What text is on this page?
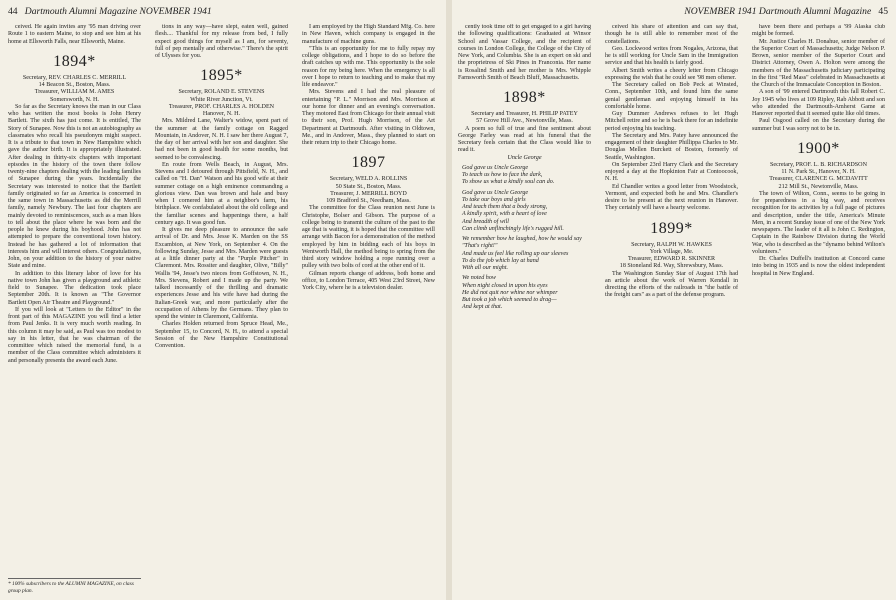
44 Dartmouth Alumni Magazine NOVEMBER 1941

ceived. He again invites any '95 man driving over Route 1 to eastern Maine, to stop and see him at his home at Ellsworth Falls, near Ellsworth, Maine.

1894*

Secretary, REV. CHARLES C. MERRILL

14 Beacon St., Boston, Mass.

Treasurer, WILLIAM M. AMES

Somersworth, N. H.

So far as the Secretary knows the man in our Class who has written the most books is John Henry Bartlett. The sixth has just come. It is entitled, The Story of Sunapee. Now this is not an autobiography as classmates who recall his pseudonym might suspect. It is a tribute to that town in New Hampshire which gave the author birth. It is appropriately illustrated. After dealing in thirty-six chapters with important episodes in the history of the town there follow twenty-nine chapters dealing with the leading families of Sunapee during the years. Incidentally the Secretary was interested to notice that the Bartlett family originated so far as America is concerned in the same town in Massachusetts as did the Merrill family, namely Newbury. The last four chapters are mainly devoted to reminiscences, such as a man likes to tell about the place where he was born and the people he knew during his boyhood. John has not attempted to prepare the conventional town history. Instead he has gathered a lot of information that interests him and will interest others. Congratulations, John, on your addition to the history of your native State and mine.

In addition to this literary labor of love for his native town John has given a playground and athletic field to Sunapee. The dedication took place September 20th. It is known as "The Governor Bartlett Open Air Theatre and Playground."

If you will look at "Letters to the Editor" in the front part of this MAGAZINE you will find a letter from Paul Jenks. It is very much worth reading. In this column it may be said, as Paul was too modest to say in his letter, that he was chairman of the committee which raised the memorial fund, is a member of the Class committee which administers it and personally presents the award each June.

tions in any way—have slept, eaten well, gained flesh.... Thankful for my release from bed, I fully expect good things for myself as I am, for seventy, full of pep mentally and otherwise." There's the spirit of Ulysses for you.

1895*

Secretary, ROLAND E. STEVENS

White River Junction, Vt.

Treasurer, PROF. CHARLES A. HOLDEN

Hanover, N. H.

Mrs. Mildred Lane, Walter's widow, spent part of the summer at the family cottage on Ragged Mountain, in Andover, N. H. I saw her there August 7, the day of her arrival with her son and daughter. She had not been in good health for some months, but seemed to be convalescing.

En route from Wells Beach, in August, Mrs. Stevens and I detoured through Pittsfield, N. H., and called on "H. Dan" Watson and his good wife at their summer cottage on a high eminence commanding a glorious view. Dan was brown and hale and busy when I cornered him at a neighbor's farm, his birthplace. We confabulated about the old college and the familiar scenes and happenings there, a half century ago. It was good fun.

It gives me deep pleasure to announce the safe arrival of Dr. and Mrs. Jesse K. Marden on the SS Excambion, at New York, on September 4. On the following Sunday, Jesse and Mrs. Marden were guests at a little dinner party at the "Purple Pitcher" in Claremont. Mrs. Rossiter and daughter, Olive, "Billy" Wallis '94, Jesse's two nieces from Goffstown, N. H., Mrs. Stevens, Robert and I made up the party. We talked incessantly of the thrilling and dramatic experiences Jesse and his wife have had during the Italian-Greek war, and more particularly after the occupation of Athens by the Germans. They plan to spend the winter in Claremont, California.

Charles Holden returned from Spruce Head, Me., September 15, to Concord, N. H., to attend a special Session of the New Hampshire Constitutional Convention.

I am employed by the High Standard Mfg. Co. here in New Haven, which company is engaged in the manufacture of machine guns.

"This is an opportunity for me to fully repay my college obligations, and I hope to do so before the draft catches up with me. This opportunity is the sole reason for my being here. When the emergency is all over I hope to return to teaching and to make that my life endeavor."

Mrs. Stevens and I had the real pleasure of entertaining "P. L." Morrison and Mrs. Morrison at our home for dinner and an evening's conversation. They motored East from Chicago for their annual visit to their son, Prof. Hugh Morrison, of the Art Department at Dartmouth. After visiting in Oldtown, Me., and in Andover, Mass., they planned to start on their return trip to their Chicago home.

1897

Secretary, WELD A. ROLLINS

50 State St., Boston, Mass.

Treasurer, J. MERRILL BOYD

109 Bradford St., Needham, Mass.

The committee for the Class reunion next June is Christophe, Bolser and Gibson. The purpose of a college being to transmit the culture of the past to the age that is waiting, it is hoped that the committee will arrange with Bacon for a demonstration of the method employed by him in bidding each of his boys in Wentworth Hall, the method being to spring from the third story window holding a rope running over a pulley with two bolts of cord at the other end of it.

Gilman reports change of address, both home and office, to London Terrace, 405 West 23rd Street, New York City, where he is a television dealer.

* 100% subscribers to the ALUMNI MAGAZINE, on class group plan.
NOVEMBER 1941 Dartmouth Alumni Magazine 45

cently took time off to get engaged to a girl having the following qualifications: Graduated at Winsor School and Vassar College, and the recipient of courses in London College, the College of the City of New York, and Columbia. She is an expert on ski and the proprietress of Ski Pines in Franconia. Her name is Rosalind Smith and her mother is Mrs. Whipple Farnsworth Smith of Beach Bluff, Massachusetts.

1898*

Secretary and Treasurer, H. PHILIP PATEY

57 Grove Hill Ave., Newtonville, Mass.

A poem so full of true and fine sentiment about George Farley was read at his funeral that the Secretary feels certain that the Class would like to read it.

Uncle George

God gave us Uncle George
To teach us how to face the dark,
To show us what a kindly soul can do.

God gave us Uncle George
To take our boys and girls
And teach them that a body strong,
A kindly spirit, with a heart of love
And breadth of will
Can climb unflinchingly life's rugged hill.

We remember how he laughed, how he would say
"That's right!"
And made us feel like rolling up our sleeves
To do the job which lay at hand
With all our might.

We noted how
When night closed in upon his eyes
He did not quit nor whine nor whimper
But took a job which seemed to drag—
And kept at that.

ceived his share of attention and can say that, though he is still able to remember most of the constellations.

Geo. Lockwood writes from Nogales, Arizona, that he is still working for Uncle Sam in the Immigration service and that his health is fairly good.

Albert Smith writes a cheery letter from Chicago expressing the wish that he could see '98 men oftener.

The Secretary called on Bob Peck at Winsted, Conn., September 10th, and found him the same genial gentleman and enjoying himself in his comfortable home.

Guy Dummer Andrews refuses to let Hugh Mitchell retire and so he is back there for an indefinite period enjoying his teaching.

The Secretary and Mrs. Patey have announced the engagement of their daughter Phillippa Charles to Mr. Douglas Mellen Burckett of Boston, formerly of Seattle, Washington.

On September 23rd Harry Clark and the Secretary enjoyed a day at the Hopkinton Fair at Contoocook, N. H.

Ed Chandler writes a good letter from Woodstock, Vermont, and expected both he and Mrs. Chandler's desire to be present at the next reunion in Hanover. They certainly will have a hearty welcome.

1899*

Secretary, RALPH W. HAWKES

York Village, Me.

Treasurer, EDWARD R. SKINNER

18 Stoneland Rd. Way, Shrewsbury, Mass.

The Washington Sunday Star of August 17th had an article about the work of Warren Kendall in directing the efforts of the railroads in "the battle of the freight cars" as a part of the defense program.

have been there and perhaps a '99 Alaska club might be formed.

Mr. Justice Charles H. Donahue, senior member of the Superior Court of Massachusetts; Judge Nelson P. Brown, senior member of the Superior Court and District Attorney, Owen A. Holton were among the members of the Massachusetts judiciary participating in the first "Red Mass" celebrated in Massachusetts at the Church of the Immaculate Conception in Boston.

A son of '99 entered Dartmouth this fall Robert C. Joy 1945 who lives at 109 Ripley, Rab Abbott and son who attended the Dartmouth-Amherst Game at Hanover reported that it seemed quite like old times.

Paul Osgood called on the Secretary during the summer but I was sorry not to be in.

1900*

Secretary, PROF. L. B. RICHARDSON

11 N. Park St., Hanover, N. H.

Treasurer, CLARENCE G. MCDAVITT

212 Mill St., Newtonville, Mass.

The town of Wilton, Conn., seems to be going in for preparedness in a big way, and receives recognition for its activities by a full page of pictures and description, under the title, America's Minute Men, in a recent Sunday issue of one of the New York newspapers. The leader of it all is John C. Redington, Captain in the Rainbow Division during the World War, who is described as the "dynamo behind Wilton's volunteers."

Dr. Charles Duffell's institution at Concord came into being in 1935 and is now the oldest independent hospital in New England.
